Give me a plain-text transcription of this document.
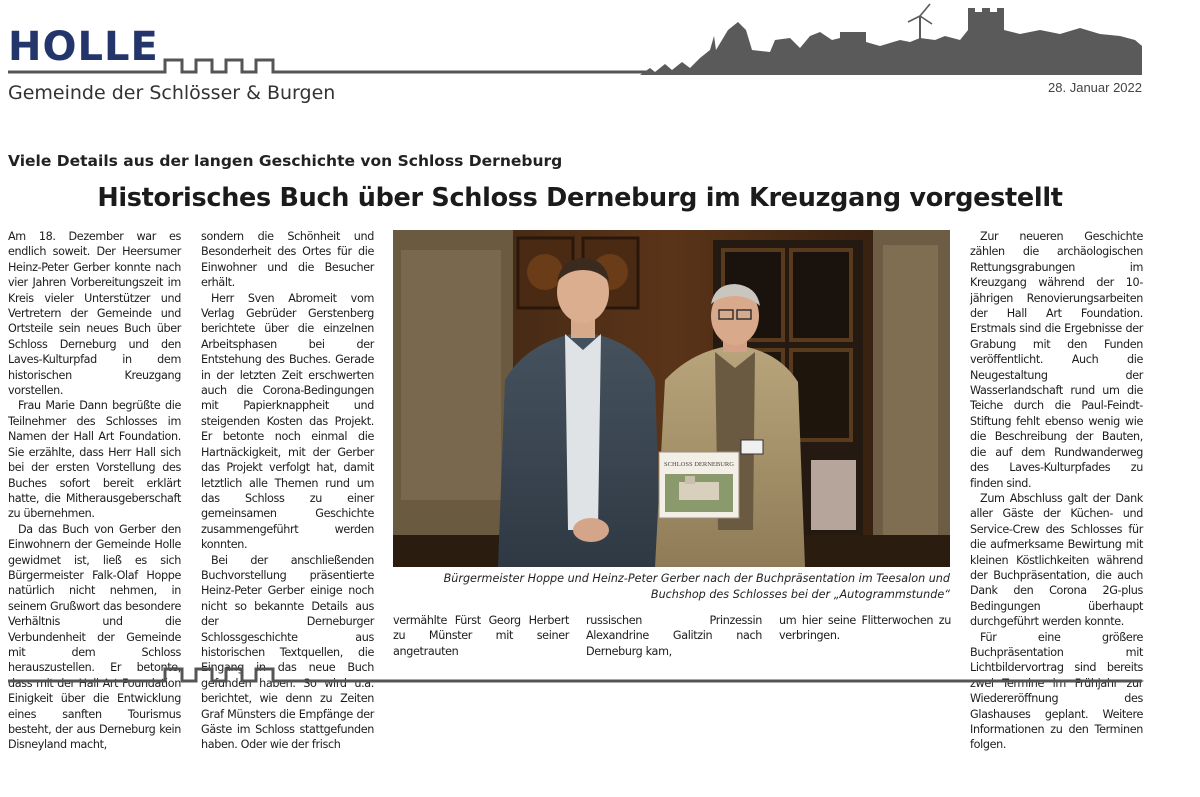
HOLLE
Gemeinde der Schlösser & Burgen	28. Januar 2022
Viele Details aus der langen Geschichte von Schloss Derneburg
Historisches Buch über Schloss Derneburg im Kreuzgang vorgestellt

Am 18. Dezember war es endlich soweit. Der Heersumer Heinz-Peter Gerber konnte nach vier Jahren Vorbereitungszeit im Kreis vieler Unterstützer und Vertretern der Gemeinde und Ortsteile sein neues Buch über Schloss Derneburg und den Laves-Kulturpfad in dem historischen Kreuzgang vorstellen.

Frau Marie Dann begrüßte die Teilnehmer des Schlosses im Namen der Hall Art Foundation. Sie erzählte, dass Herr Hall sich bei der ersten Vorstellung des Buches sofort bereit erklärt hatte, die Mitherausgeberschaft zu übernehmen.

Da das Buch von Gerber den Einwohnern der Gemeinde Holle gewidmet ist, ließ es sich Bürgermeister Falk-Olaf Hoppe natürlich nicht nehmen, in seinem Grußwort das besondere Verhältnis und die Verbundenheit der Gemeinde mit dem Schloss herauszustellen. Er betonte, dass mit der Hall Art Foundation Einigkeit über die Entwicklung eines sanften Tourismus besteht, der aus Derneburg kein Disneyland macht,

sondern die Schönheit und Besonderheit des Ortes für die Einwohner und die Besucher erhält.

Herr Sven Abromeit vom Verlag Gebrüder Gerstenberg berichtete über die einzelnen Arbeitsphasen bei der Entstehung des Buches. Gerade in der letzten Zeit erschwerten auch die Corona-Bedingungen mit Papierknappheit und steigenden Kosten das Projekt. Er betonte noch einmal die Hartnäckigkeit, mit der Gerber das Projekt verfolgt hat, damit letztlich alle Themen rund um das Schloss zu einer gemeinsamen Geschichte zusammengeführt werden konnten.

Bei der anschließenden Buchvorstellung präsentierte Heinz-Peter Gerber einige noch nicht so bekannte Details aus der Derneburger Schlossgeschichte aus historischen Textquellen, die Eingang in das neue Buch gefunden haben. So wird u.a. berichtet, wie denn zu Zeiten Graf Münsters die Empfänge der Gäste im Schloss stattgefunden haben. Oder wie der frisch

SCHLOSS DERNEBURG
Bürgermeister Hoppe und Heinz-Peter Gerber nach der Buchpräsentation im Teesalon und Buchshop des Schlosses bei der „Autogrammstunde“
vermählte Fürst Georg Herbert zu Münster mit seiner angetrauten
russischen Prinzessin Alexandrine Galitzin nach Derneburg kam,
um hier seine Flitterwochen zu verbringen.

Zur neueren Geschichte zählen die archäologischen Rettungsgrabungen im Kreuzgang während der 10-jährigen Renovierungsarbeiten der Hall Art Foundation. Erstmals sind die Ergebnisse der Grabung mit den Funden veröffentlicht. Auch die Neugestaltung der Wasserlandschaft rund um die Teiche durch die Paul-Feindt-Stiftung fehlt ebenso wenig wie die Beschreibung der Bauten, die auf dem Rundwanderweg des Laves-Kulturpfades zu finden sind.

Zum Abschluss galt der Dank aller Gäste der Küchen- und Service-Crew des Schlosses für die aufmerksame Bewirtung mit kleinen Köstlichkeiten während der Buchpräsentation, die auch Dank den Corona 2G-plus Bedingungen überhaupt durchgeführt werden konnte.

Für eine größere Buchpräsentation mit Lichtbildervortrag sind bereits zwei Termine im Frühjahr zur Wiedereröffnung des Glashauses geplant. Weitere Informationen zu den Terminen folgen.
